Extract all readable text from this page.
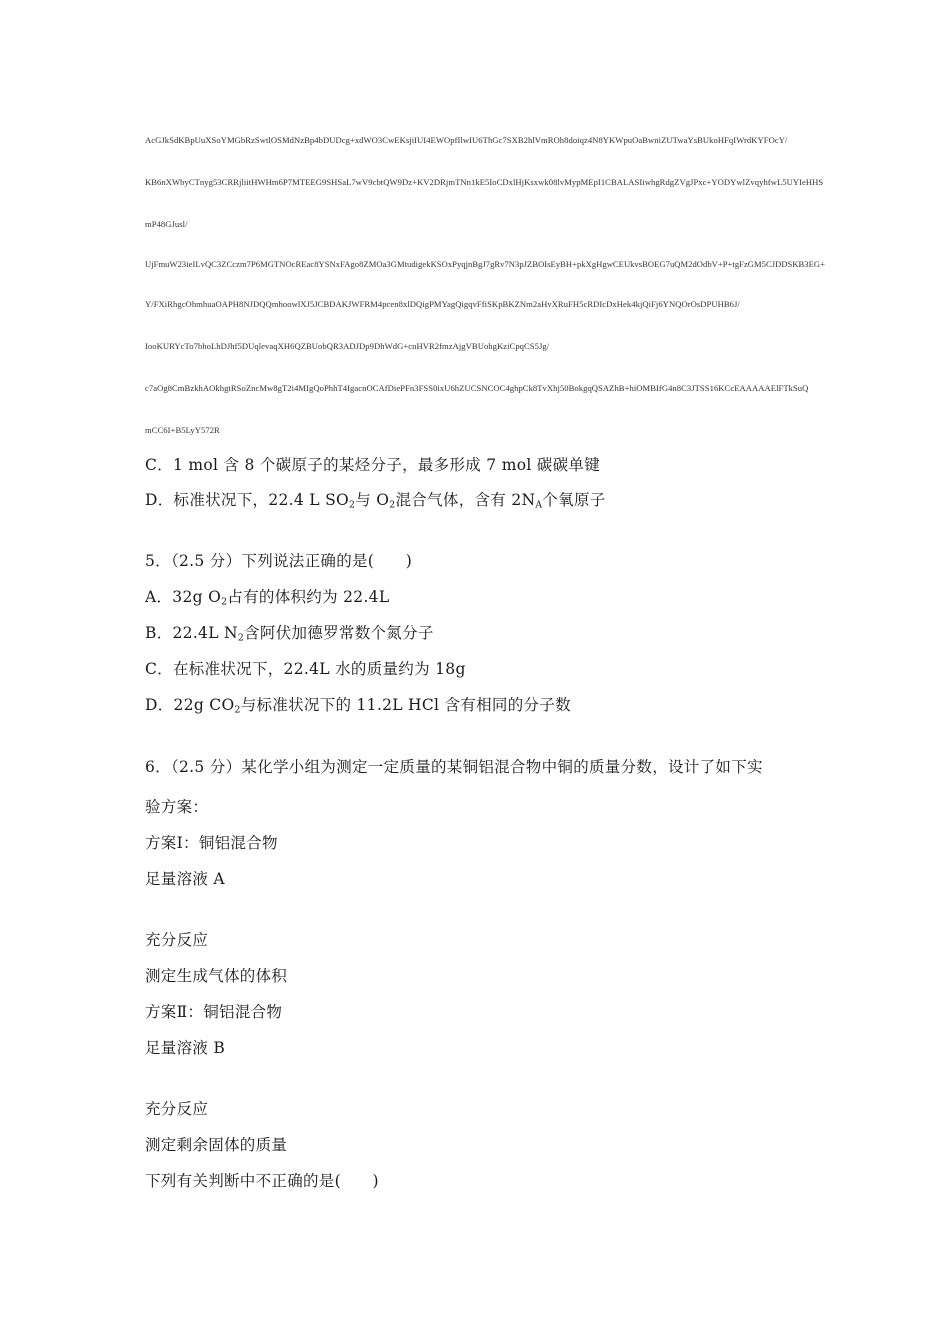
AcGJkSdKBpUuXSoYMGbRzSwtlOSMdNzBp4bDUDcg+xdWO3CwEKsjiIUI4EWOpfIlwIU6ThGc7SXB2hlVmROh8doiqz4N8YKWpuOaBwniZUTwaYsBUkoHFqIWrdKYFOcY/
KB6nXWbyCTnyg53CRRjliitHWHm6P7MTEEG9SHSaL7wV9cbtQW9Dz+KV2DRjmTNn1kE5IoCDxlHjKsxwk08lvMypMEpI1CBALASIiwhgRdgZVgJPxc+YODYwlZvqyhfwL5UYIeHHS
mP48GJusl/
UjFmuW23ieILvQC3ZCczm7P6MGTNOcREac8YSNxFAgo8ZMOa3GMtudigekKSOxPyqjnBgJ7gRv7N3pJZBOIsEyBH+pkXgHgwCEUkvsBOEG7uQM2dOdbV+P+tgFzGM5CJDDSKB3EG+
Y/FXiRhgcOhmhuaOAPH8NJDQQmhoowlXJ5JCBDAKJWFRM4pcen8xlDQigPMYagQigqvFfiSKpBKZNm2aHvXRuFH5cRDIcDxHek4kjQiFj6YNQOrOsDPUHB6J/
IooKURYcTo7bhoLhDJhf5DUqlevaqXH6QZBUobQR3ADJDp9DhWdG+cnHVR2fmzAjgVBUohgKziCpqCS5Jg/
c7aOg8CmBzkhAOkhgtRSoZncMw8gT2i4MIgQoPhhT4IgacnOCAfDiePFn3FSS0ixU6hZUCSNCOC4ghpCk8TvXhj50BokgqQSAZhB+hiOMBIfG4n8C3JTSS16KCcEAAAAAElFTkSuQ
mCC6I+B5LyY572R
C．1 mol 含 8 个碳原子的某烃分子，最多形成 7 mol 碳碳单键
D．标准状况下，22.4 L $SO_2$与 $O_2$混合气体，含有 $2N_A$个氧原子
5．（2.5 分）下列说法正确的是(　　)
A．32g $O_2$占有的体积约为 22.4L
B．22.4L $N_2$含阿伏加德罗常数个氮分子
C．在标准状况下，22.4L 水的质量约为 18g
D．22g $CO_2$与标准状况下的 11.2L HCl 含有相同的分子数
6．（2.5 分）某化学小组为测定一定质量的某铜铝混合物中铜的质量分数，设计了如下实
验方案：
方案Ⅰ：铜铝混合物
足量溶液 A
充分反应
测定生成气体的体积
方案Ⅱ：铜铝混合物
足量溶液 B
充分反应
测定剩余固体的质量
下列有关判断中不正确的是(　　)
